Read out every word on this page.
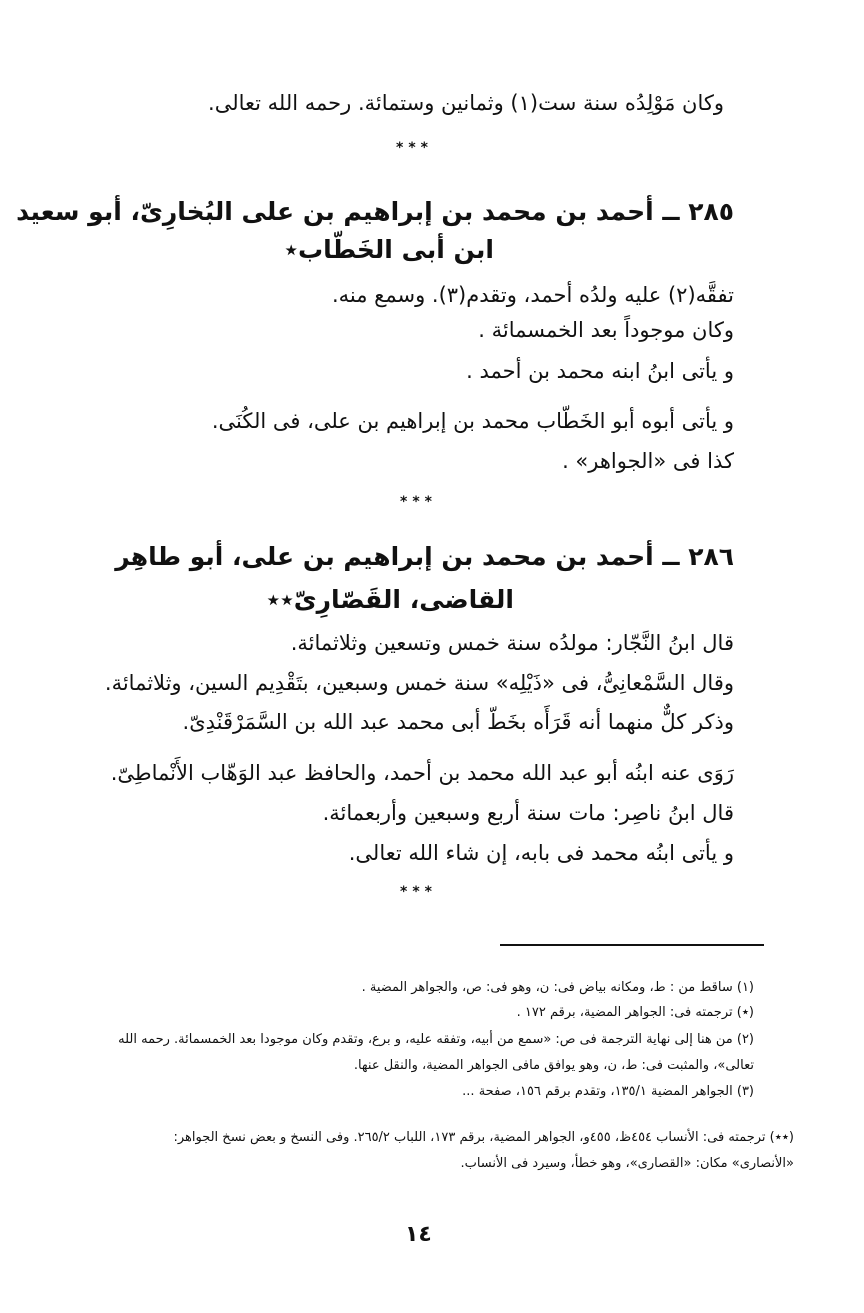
وكان مَوْلِدُه سنة ست(١) وثمانين وستمائة. رحمه الله تعالى.
***
٢٨٥ ــ أحمد بن محمد بن إبراهيم بن على البُخارِىّ، أبو سعيد
ابن أبى الخَطّاب٭
تفقَّه(٢) عليه ولدُه أحمد، وتقدم(٣). وسمع منه.
وكان موجوداً بعد الخمسمائة .
و يأتى ابنُ ابنه محمد بن أحمد .
و يأتى أبوه أبو الخَطّاب محمد بن إبراهيم بن على، فى الكُنَى.
كذا فى «الجواهر» .
***
٢٨٦ ــ أحمد بن محمد بن إبراهيم بن على، أبو طاهِر
القاضى، القَصّارِىّ٭٭
قال ابنُ النَّجّار: مولدُه سنة خمس وتسعين وثلاثمائة.
وقال السَّمْعانِىُّ، فى «ذَيْلِه» سنة خمس وسبعين، بتَقْدِيم السين، وثلاثمائة.
وذكر كلٌّ منهما أنه قَرَأَه بخَطّ أبى محمد عبد الله بن السَّمَرْقَنْدِىّ.
رَوَى عنه ابنُه أبو عبد الله محمد بن أحمد، والحافظ عبد الوَهّاب الأَنْماطِىّ.
قال ابنُ ناصِر: مات سنة أربع وسبعين وأربعمائة.
و يأتى ابنُه محمد فى بابه، إن شاء الله تعالى.
***
(١) ساقط من : ط، ومكانه بياض فى: ن، وهو فى: ص، والجواهر المضية .
(٭) ترجمته فى: الجواهر المضية، برقم ١٧٢ .
(٢) من هنا إلى نهاية الترجمة فى ص: «سمع من أبيه، وتفقه عليه، و برع، وتقدم وكان موجودا بعد الخمسمائة. رحمه الله
تعالى»، والمثبت فى: ط، ن، وهو يوافق مافى الجواهر المضية، والنقل عنها.
(٣) الجواهر المضية ١٣٥/١، وتقدم برقم ١٥٦، صفحة ...
(٭٭) ترجمته فى: الأنساب ٤٥٤ظ، ٤٥٥و، الجواهر المضية، برقم ١٧٣، اللباب ٢٦٥/٢. وفى النسخ و بعض نسخ الجواهر:
«الأنصارى» مكان: «القصارى»، وهو خطأ، وسيرد فى الأنساب.
١٤
